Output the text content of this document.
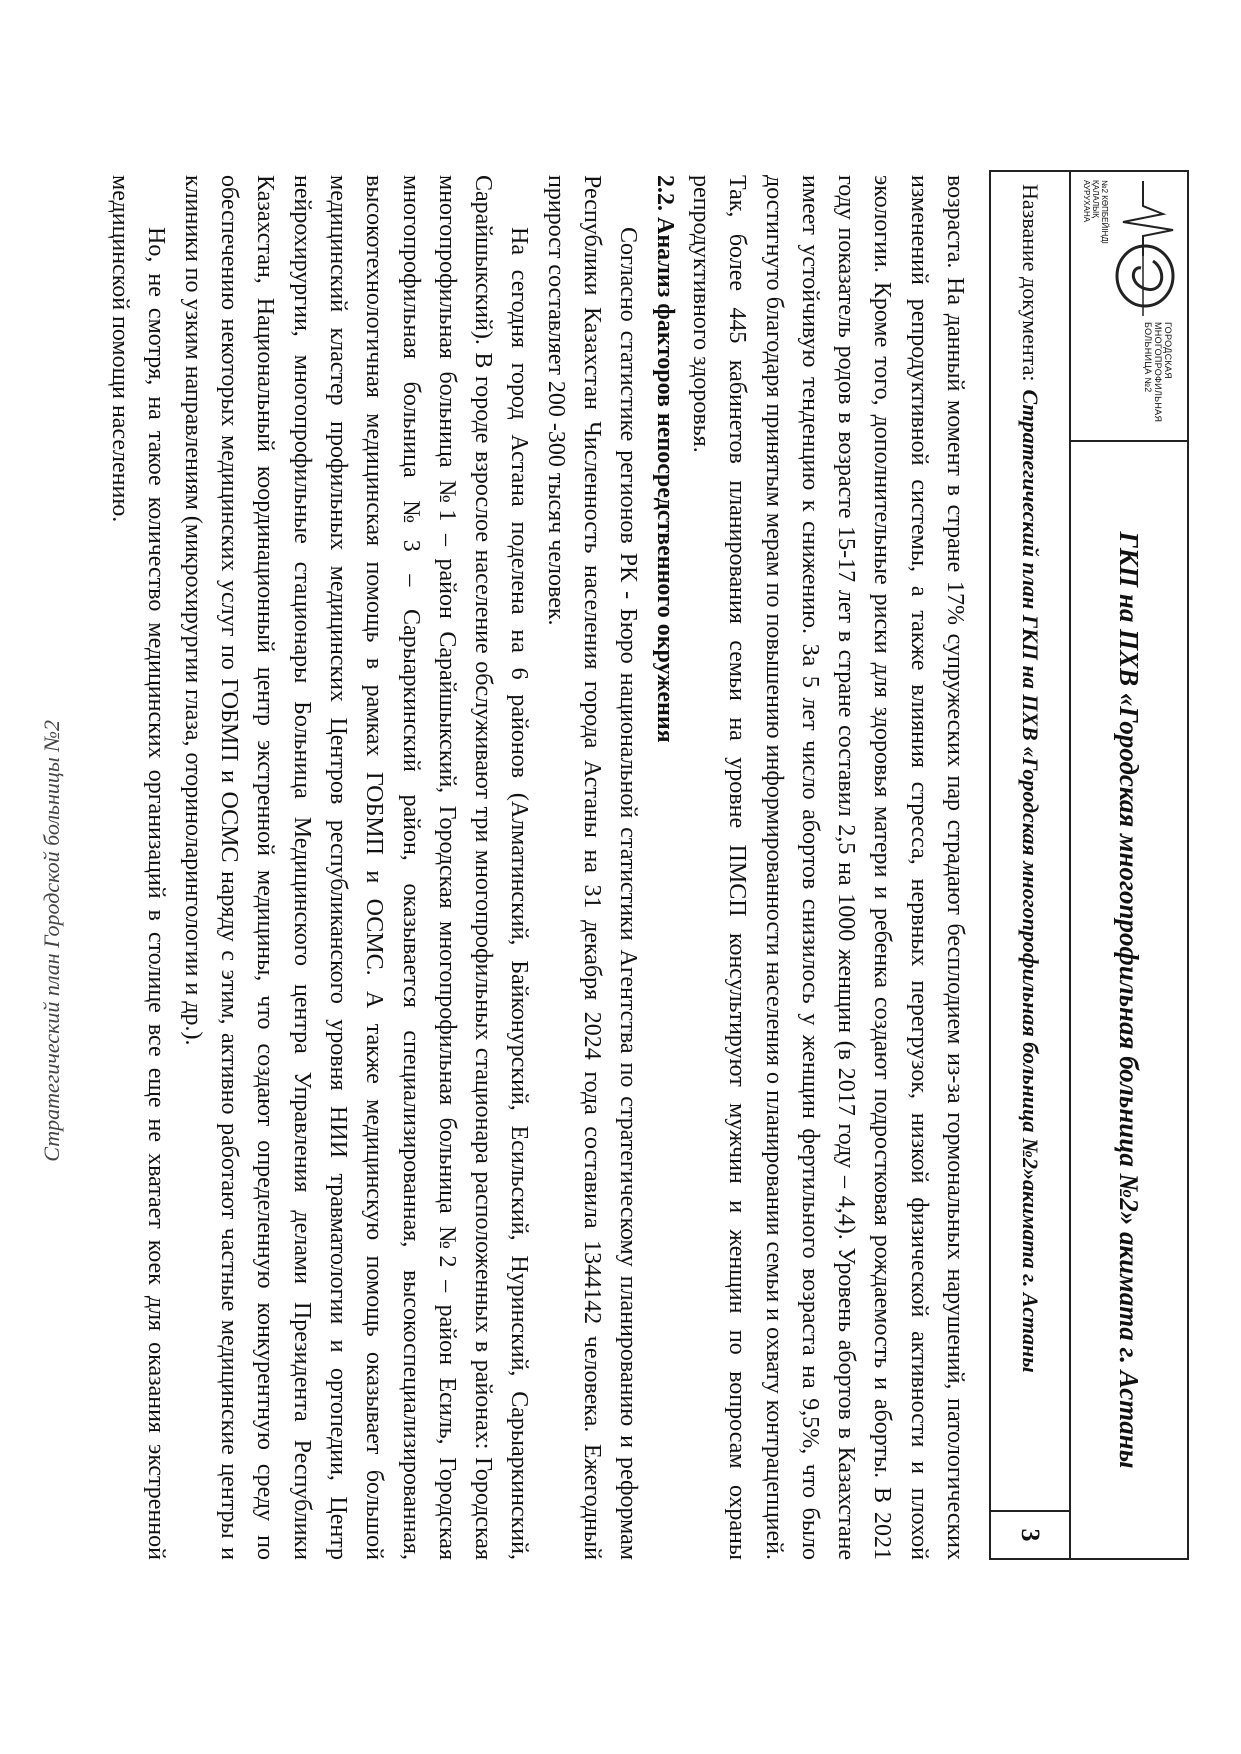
ГОРОДСКАЯ
МНОГОПРОФИЛЬНАЯ
БОЛЬНИЦА №2
№2 КӨПБЕЙІНДІ
ҚАЛАЛЫҚ
АУРУХАНА
ГКП на ПХВ «Городская многопрофильная больница №2» акимата г. Астаны
Название документа:
Стратегический план ГКП на ПХВ «Городская многопрофильная больница №2»акимата г. Астаны
3

возраста. На данный момент в стране 17% супружеских пар страдают бесплодием из-за гормональных нарушений, патологических изменений репродуктивной системы, а также влияния стресса, нервных перегрузок, низкой физической активности и плохой экологии. Кроме того, дополнительные риски для здоровья матери и ребенка создают подростковая рождаемость и аборты. В 2021 году показатель родов в возрасте 15-17 лет в стране составил 2,5 на 1000 женщин (в 2017 году – 4,4). Уровень абортов в Казахстане имеет устойчивую тенденцию к снижению. За 5 лет число абортов снизилось у женщин фертильного возраста на 9,5%, что было достигнуто благодаря принятым мерам по повышению информированности населения о планировании семьи и охвату контрацепцией. Так, более 445 кабинетов планирования семьи на уровне ПМСП консультируют мужчин и женщин по вопросам охраны репродуктивного здоровья.

2.2. Анализ факторов непосредственного окружения

Согласно статистике регионов РК - Бюро национальной статистики Агентства по стратегическому планированию и реформам Республики Казахстан Численность населения города Астаны на 31 декабря 2024 года составила 1344142 человека. Ежегодный прирост составляет 200 -300 тысяч человек.

На сегодня город Астана поделена на 6 районов (Алматинский, Байконурский, Есильский, Нуринский, Сарыаркинский, Сарайшыкский). В городе взрослое население обслуживают три многопрофильных стационара расположенных в районах: Городская многопрофильная больница №1 – район Сарайшыкский, Городская многопрофильная больница №2 – район Есиль, Городская многопрофильная больница №3 – Сарыаркинский район, оказывается специализированная, высокоспециализированная, высокотехнологичная медицинская помощь в рамках ГОБМП и ОСМС. А также медицинскую помощь оказывает большой медицинский кластер профильных медицинских Центров республиканского уровня НИИ травматологии и ортопедии, Центр нейрохирургии, многопрофильные стационары Больница Медицинского центра Управления делами Президента Республики Казахстан, Национальный координационный центр экстренной медицины, что создают определенную конкурентную среду по обеспечению некоторых медицинских услуг по ГОБМП и ОСМС наряду с этим, активно работают частные медицинские центры и клиники по узким направлениям (микрохирургии глаза, оториноларингологии и др.).

Но, не смотря, на такое количество медицинских организаций в столице все еще не хватает коек для оказания экстренной медицинской помощи населению.

Стратегический план Городской больницы №2
